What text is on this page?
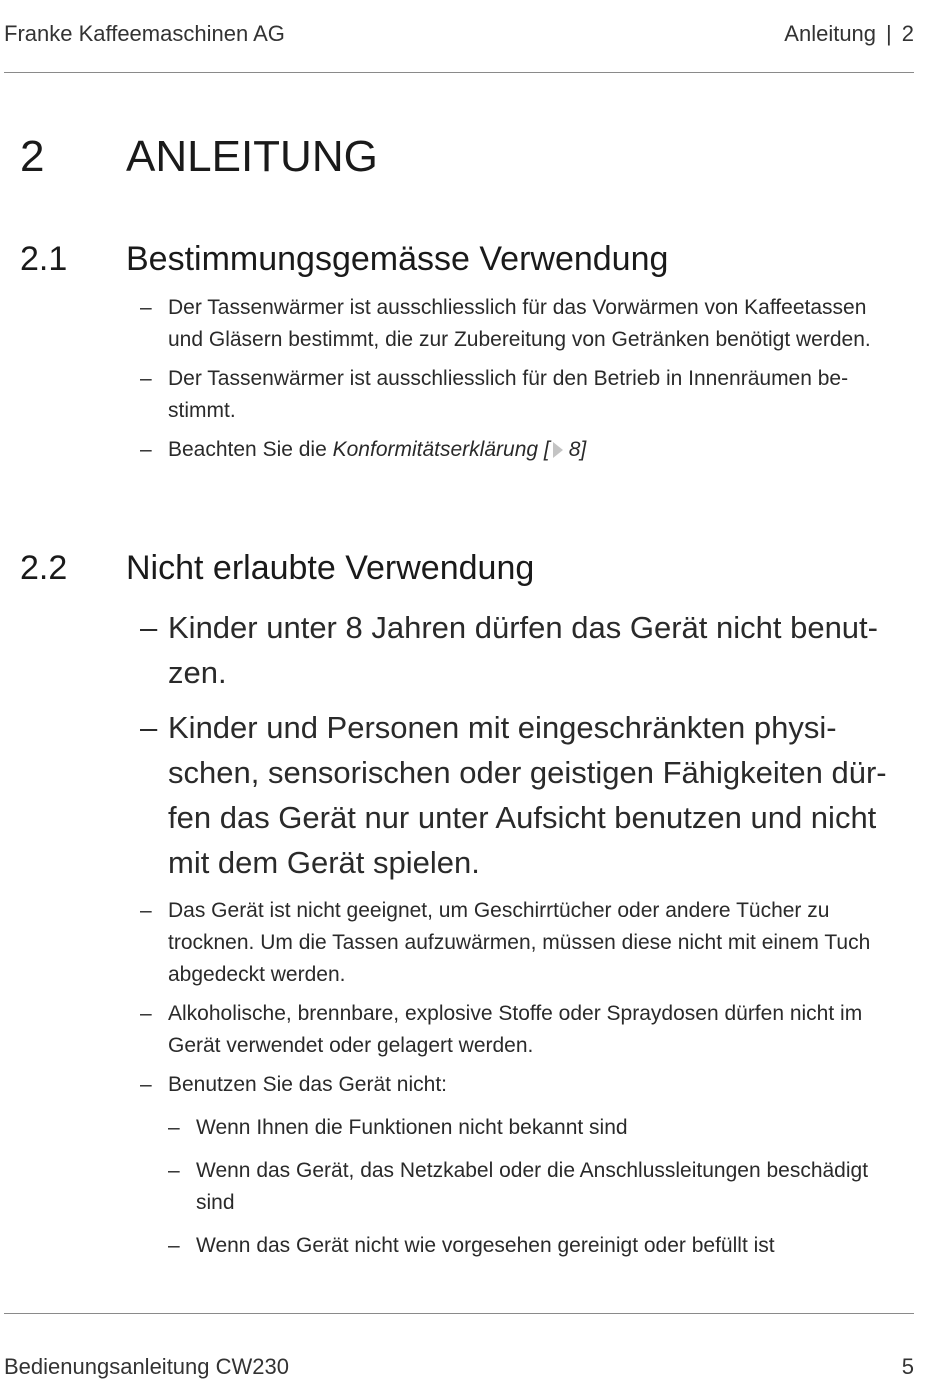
Franke Kaffeemaschinen AG	Anleitung | 2
2 ANLEITUNG
2.1 Bestimmungsgemässe Verwendung
– Der Tassenwärmer ist ausschliesslich für das Vorwärmen von Kaffeetassen und Gläsern bestimmt, die zur Zubereitung von Getränken benötigt werden.
– Der Tassenwärmer ist ausschliesslich für den Betrieb in Innenräumen bestimmt.
– Beachten Sie die Konformitätserklärung [ 8]
2.2 Nicht erlaubte Verwendung
– Kinder unter 8 Jahren dürfen das Gerät nicht benutzen.
– Kinder und Personen mit eingeschränkten physischen, sensorischen oder geistigen Fähigkeiten dürfen das Gerät nur unter Aufsicht benutzen und nicht mit dem Gerät spielen.
– Das Gerät ist nicht geeignet, um Geschirrtücher oder andere Tücher zu trocknen. Um die Tassen aufzuwärmen, müssen diese nicht mit einem Tuch abgedeckt werden.
– Alkoholische, brennbare, explosive Stoffe oder Spraydosen dürfen nicht im Gerät verwendet oder gelagert werden.
– Benutzen Sie das Gerät nicht:
– Wenn Ihnen die Funktionen nicht bekannt sind
– Wenn das Gerät, das Netzkabel oder die Anschlussleitungen beschädigt sind
– Wenn das Gerät nicht wie vorgesehen gereinigt oder befüllt ist
Bedienungsanleitung CW230	5
